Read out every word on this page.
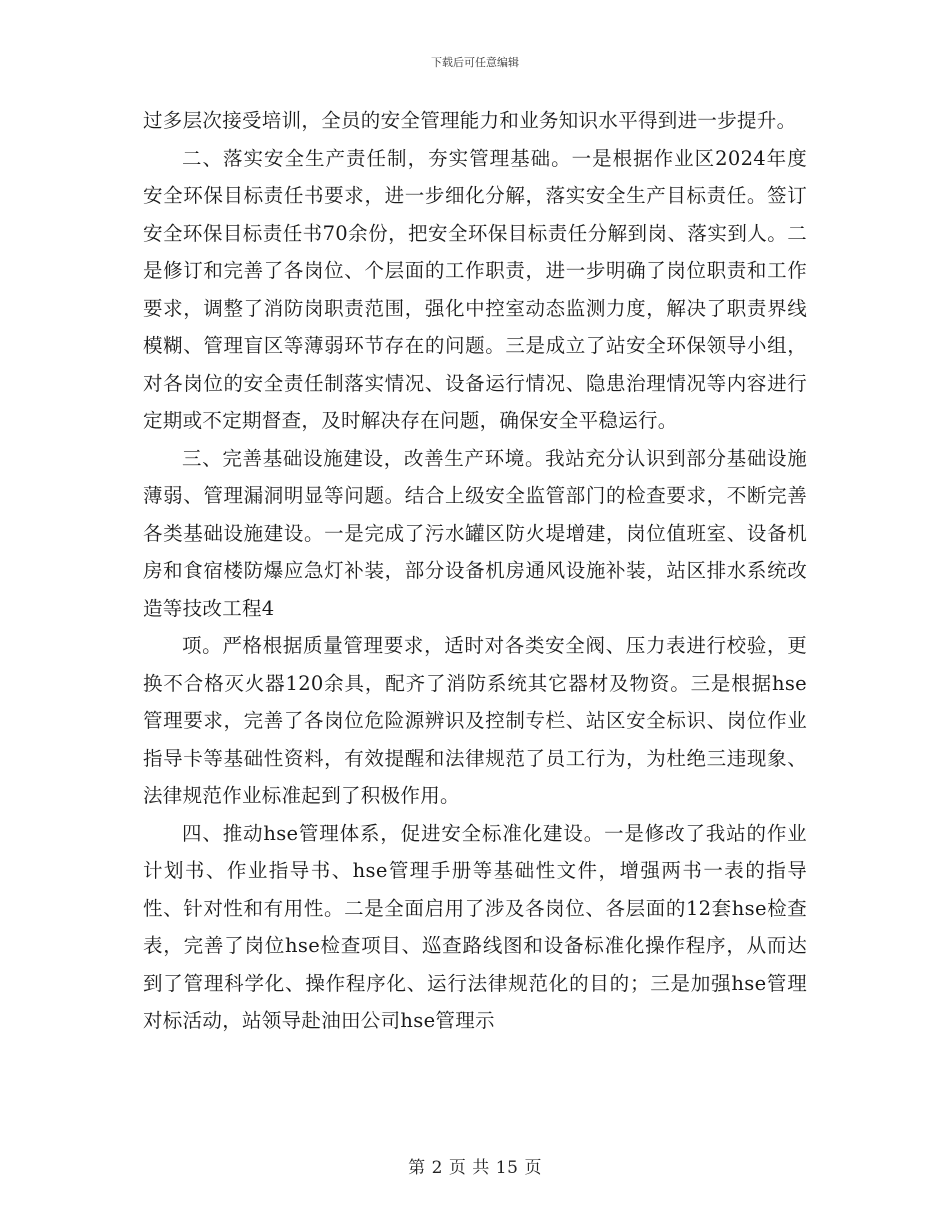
下载后可任意编辑

过多层次接受培训，全员的安全管理能力和业务知识水平得到进一步提升。

二、落实安全生产责任制，夯实管理基础。一是根据作业区2024年度安全环保目标责任书要求，进一步细化分解，落实安全生产目标责任。签订安全环保目标责任书70余份，把安全环保目标责任分解到岗、落实到人。二是修订和完善了各岗位、个层面的工作职责，进一步明确了岗位职责和工作要求，调整了消防岗职责范围，强化中控室动态监测力度，解决了职责界线模糊、管理盲区等薄弱环节存在的问题。三是成立了站安全环保领导小组，对各岗位的安全责任制落实情况、设备运行情况、隐患治理情况等内容进行定期或不定期督查，及时解决存在问题，确保安全平稳运行。

三、完善基础设施建设，改善生产环境。我站充分认识到部分基础设施薄弱、管理漏洞明显等问题。结合上级安全监管部门的检查要求，不断完善各类基础设施建设。一是完成了污水罐区防火堤增建，岗位值班室、设备机房和食宿楼防爆应急灯补装，部分设备机房通风设施补装，站区排水系统改造等技改工程4

项。严格根据质量管理要求，适时对各类安全阀、压力表进行校验，更换不合格灭火器120余具，配齐了消防系统其它器材及物资。三是根据hse管理要求，完善了各岗位危险源辨识及控制专栏、站区安全标识、岗位作业指导卡等基础性资料，有效提醒和法律规范了员工行为，为杜绝三违现象、法律规范作业标准起到了积极作用。

四、推动hse管理体系，促进安全标准化建设。一是修改了我站的作业计划书、作业指导书、hse管理手册等基础性文件，增强两书一表的指导性、针对性和有用性。二是全面启用了涉及各岗位、各层面的12套hse检查表，完善了岗位hse检查项目、巡查路线图和设备标准化操作程序，从而达到了管理科学化、操作程序化、运行法律规范化的目的；三是加强hse管理对标活动，站领导赴油田公司hse管理示

第 2 页 共 15 页
